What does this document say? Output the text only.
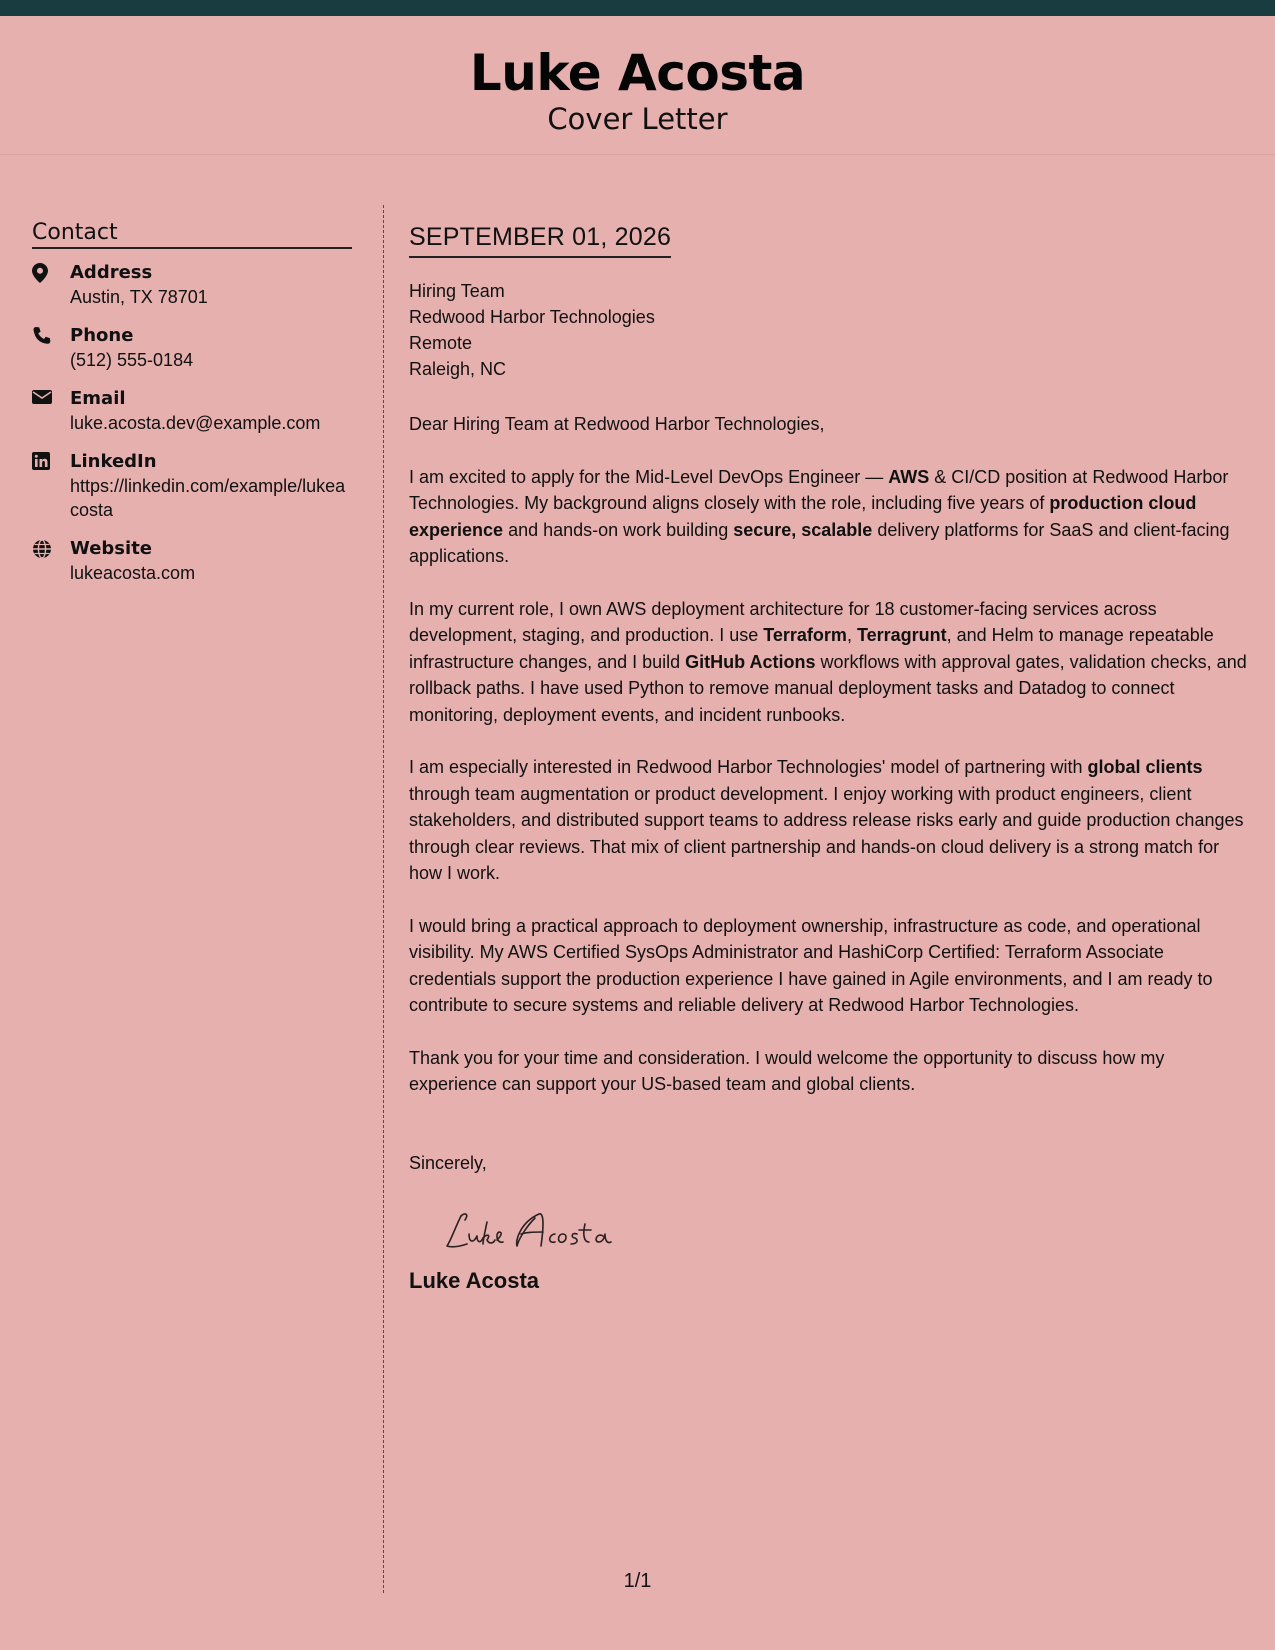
Luke Acosta
Cover Letter
Contact
Address
Austin, TX 78701
Phone
(512) 555-0184
Email
luke.acosta.dev@example.com
LinkedIn
https://linkedin.com/example/lukeacosta
Website
lukeacosta.com
SEPTEMBER 01, 2026
Hiring Team
Redwood Harbor Technologies
Remote
Raleigh, NC
Dear Hiring Team at Redwood Harbor Technologies,
I am excited to apply for the Mid-Level DevOps Engineer — AWS & CI/CD position at Redwood Harbor Technologies. My background aligns closely with the role, including five years of production cloud experience and hands-on work building secure, scalable delivery platforms for SaaS and client-facing applications.
In my current role, I own AWS deployment architecture for 18 customer-facing services across development, staging, and production. I use Terraform, Terragrunt, and Helm to manage repeatable infrastructure changes, and I build GitHub Actions workflows with approval gates, validation checks, and rollback paths. I have used Python to remove manual deployment tasks and Datadog to connect monitoring, deployment events, and incident runbooks.
I am especially interested in Redwood Harbor Technologies' model of partnering with global clients through team augmentation or product development. I enjoy working with product engineers, client stakeholders, and distributed support teams to address release risks early and guide production changes through clear reviews. That mix of client partnership and hands-on cloud delivery is a strong match for how I work.
I would bring a practical approach to deployment ownership, infrastructure as code, and operational visibility. My AWS Certified SysOps Administrator and HashiCorp Certified: Terraform Associate credentials support the production experience I have gained in Agile environments, and I am ready to contribute to secure systems and reliable delivery at Redwood Harbor Technologies.
Thank you for your time and consideration. I would welcome the opportunity to discuss how my experience can support your US-based team and global clients.
Sincerely,
Luke Acosta
1/1
